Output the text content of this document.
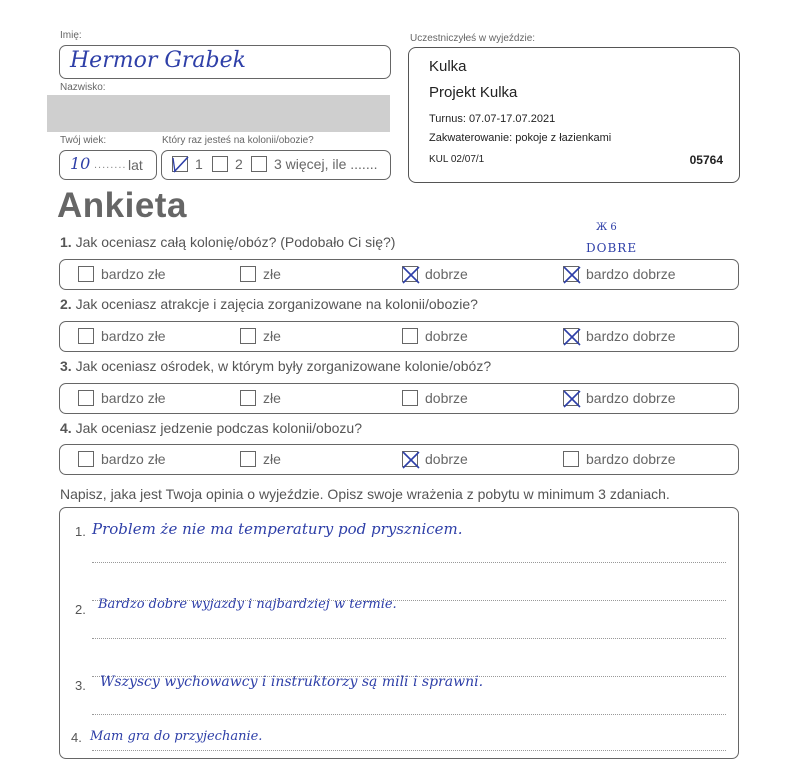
Imię:
Hermor Grabek
Nazwisko:
Twój wiek:
10 ........ lat
Który raz jesteś na kolonii/obozie?
1 2 3 więcej, ile .......
Uczestniczyłeś w wyjeździe:
Kulka
Projekt Kulka
Turnus: 07.07-17.07.2021
Zakwaterowanie: pokoje z łazienkami
KUL 02/07/1	05764
Ankieta
Ж 6
DOBRE
1. Jak oceniasz całą kolonię/obóz? (Podobało Ci się?)
bardzo złe	złe	dobrze	bardzo dobrze
2. Jak oceniasz atrakcje i zajęcia zorganizowane na kolonii/obozie?
bardzo złe	złe	dobrze	bardzo dobrze
3. Jak oceniasz ośrodek, w którym były zorganizowane kolonie/obóz?
bardzo złe	złe	dobrze	bardzo dobrze
4. Jak oceniasz jedzenie podczas kolonii/obozu?
bardzo złe	złe	dobrze	bardzo dobrze
Napisz, jaka jest Twoja opinia o wyjeździe. Opisz swoje wrażenia z pobytu w minimum 3 zdaniach.
1.
2.
3.
4.
Problem że nie ma temperatury pod prysznicem.
Bardzo dobre wyjazdy i najbardziej w termie.
Wszyscy wychowawcy i instruktorzy są mili i sprawni.
Mam gra do przyjechanie.
